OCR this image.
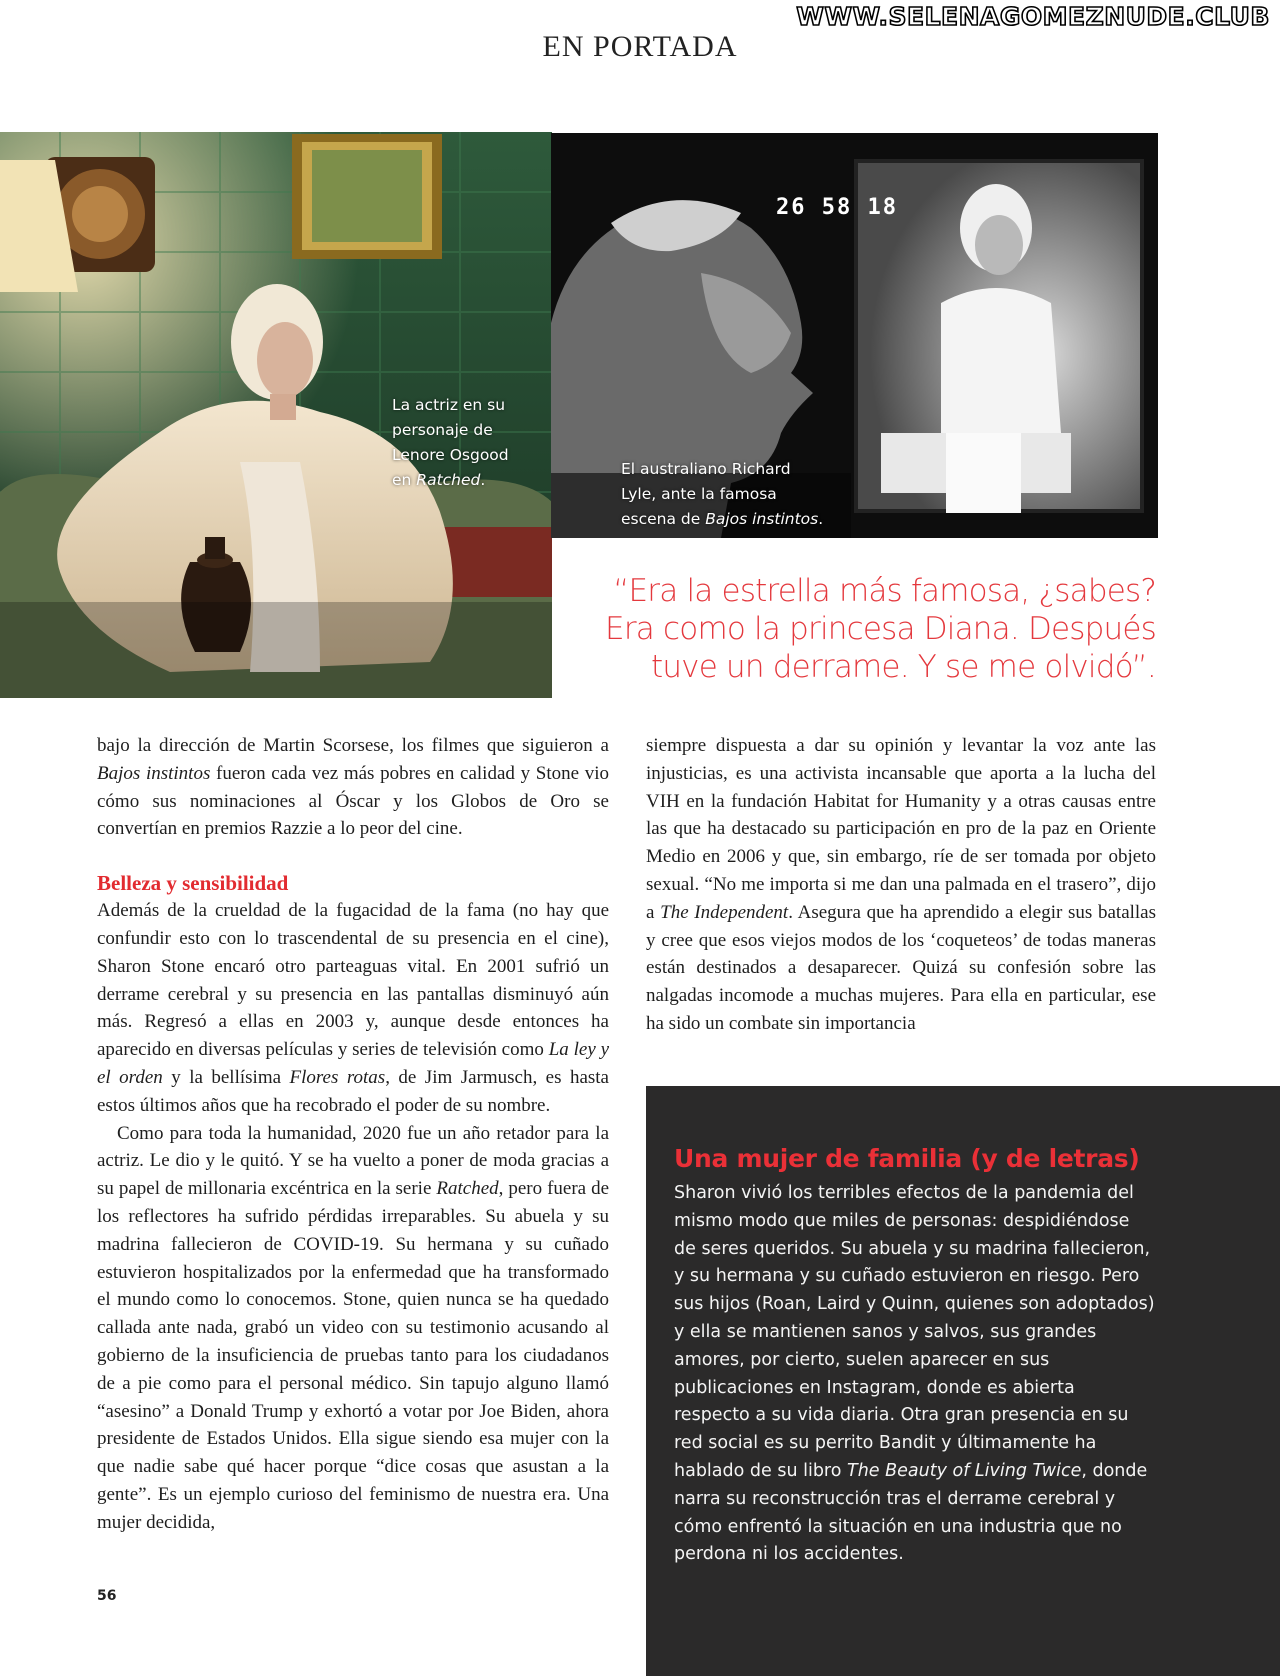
WWW.SELENAGOMEZNUDE.CLUB
EN PORTADA
La actriz en su
personaje de
Lenore Osgood
en Ratched.
26 58 18
El australiano Richard
Lyle, ante la famosa
escena de Bajos instintos.
“Era la estrella más famosa, ¿sabes? Era como la princesa Diana. Después tuve un derrame. Y se me olvidó”.

bajo la dirección de Martin Scorsese, los filmes que siguieron a Bajos instintos fueron cada vez más pobres en calidad y Stone vio cómo sus nominaciones al Óscar y los Globos de Oro se convertían en premios Razzie a lo peor del cine.

Belleza y sensibilidad

Además de la crueldad de la fugacidad de la fama (no hay que confundir esto con lo trascendental de su presencia en el cine), Sharon Stone encaró otro parteaguas vital. En 2001 sufrió un derrame cerebral y su presencia en las pantallas disminuyó aún más. Regresó a ellas en 2003 y, aunque desde entonces ha aparecido en diversas películas y series de televisión como La ley y el orden y la bellísima Flores rotas, de Jim Jarmusch, es hasta estos últimos años que ha recobrado el poder de su nombre.

Como para toda la humanidad, 2020 fue un año retador para la actriz. Le dio y le quitó. Y se ha vuelto a poner de moda gracias a su papel de millonaria excéntrica en la serie Ratched, pero fuera de los reflectores ha sufrido pérdidas irreparables. Su abuela y su madrina fallecieron de COVID-19. Su hermana y su cuñado estuvieron hospitalizados por la enfermedad que ha transformado el mundo como lo conocemos. Stone, quien nunca se ha quedado callada ante nada, grabó un video con su testimonio acusando al gobierno de la insuficiencia de pruebas tanto para los ciudadanos de a pie como para el personal médico. Sin tapujo alguno llamó “asesino” a Donald Trump y exhortó a votar por Joe Biden, ahora presidente de Estados Unidos. Ella sigue siendo esa mujer con la que nadie sabe qué hacer porque “dice cosas que asustan a la gente”. Es un ejemplo curioso del feminismo de nuestra era. Una mujer decidida,

siempre dispuesta a dar su opinión y levantar la voz ante las injusticias, es una activista incansable que aporta a la lucha del VIH en la fundación Habitat for Humanity y a otras causas entre las que ha destacado su participación en pro de la paz en Oriente Medio en 2006 y que, sin embargo, ríe de ser tomada por objeto sexual. “No me importa si me dan una palmada en el trasero”, dijo a The Independent. Asegura que ha aprendido a elegir sus batallas y cree que esos viejos modos de los ‘coqueteos’ de todas maneras están destinados a desaparecer. Quizá su confesión sobre las nalgadas incomode a muchas mujeres. Para ella en particular, ese ha sido un combate sin importancia

Una mujer de familia (y de letras)
Sharon vivió los terribles efectos de la pandemia del mismo modo que miles de personas: despidiéndose de seres queridos. Su abuela y su madrina fallecieron, y su hermana y su cuñado estuvieron en riesgo. Pero sus hijos (Roan, Laird y Quinn, quienes son adoptados) y ella se mantienen sanos y salvos, sus grandes amores, por cierto, suelen aparecer en sus publicaciones en Instagram, donde es abierta respecto a su vida diaria. Otra gran presencia en su red social es su perrito Bandit y últimamente ha hablado de su libro The Beauty of Living Twice, donde narra su reconstrucción tras el derrame cerebral y cómo enfrentó la situación en una industria que no perdona ni los accidentes.
56
